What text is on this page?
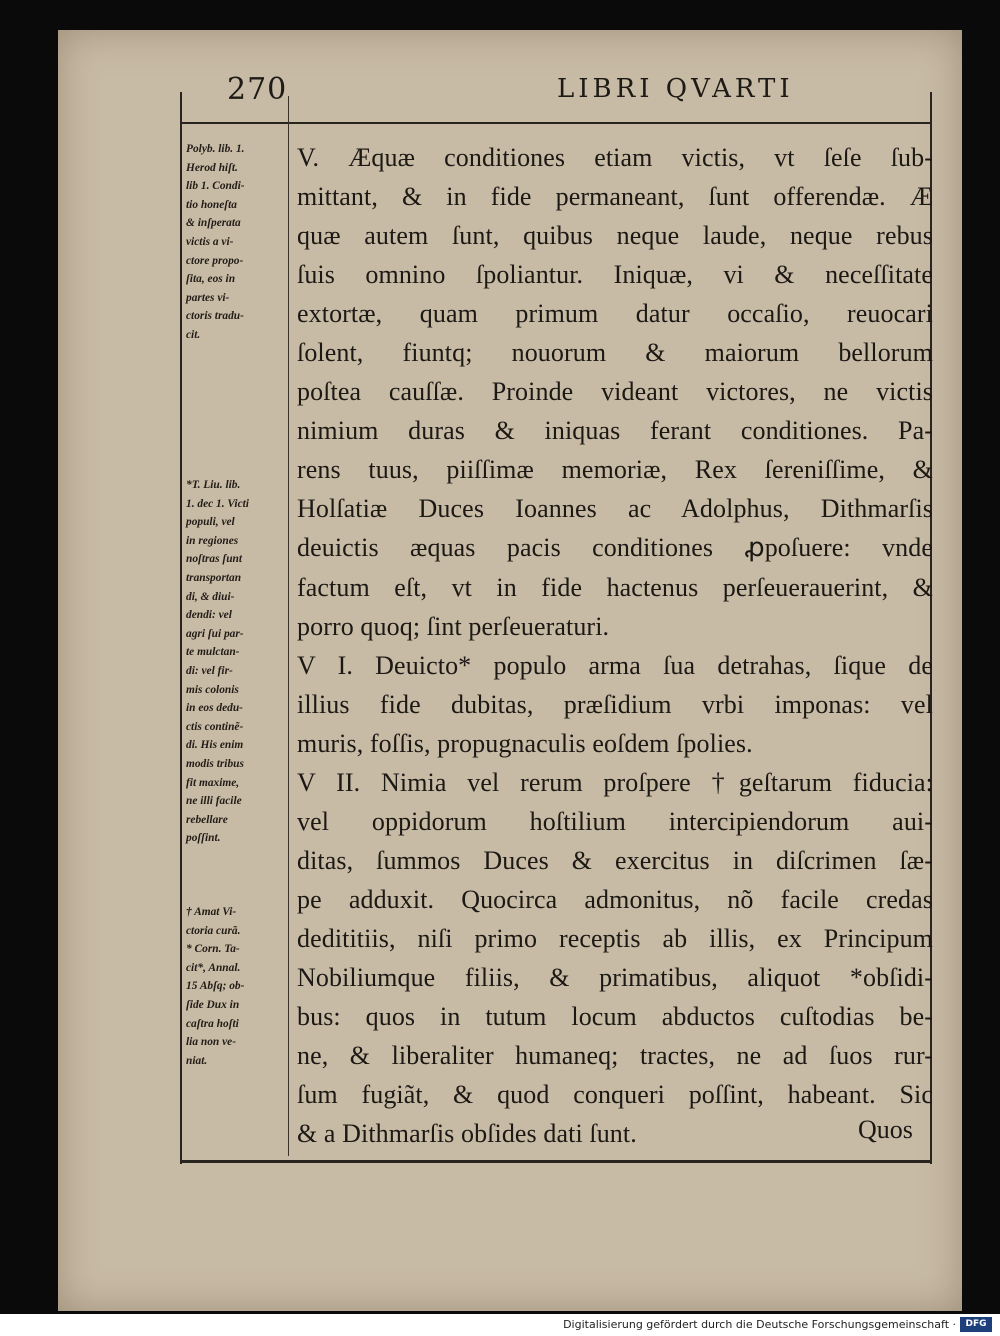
270	LIBRI QVARTI
Polyb. lib. 1.
Herod hiſt.
lib 1. Condi-
tio honeſta
& inſperata
victis a vi-
ctore propo-
ſita, eos in
partes vi-
ctoris tradu-
cit.
*T. Liu. lib.
1. dec 1. Victi
populi, vel
in regiones
noſtras ſunt
transportan
di, & diui-
dendi: vel
agri ſui par-
te mulctan-
di: vel fir-
mis colonis
in eos dedu-
ctis continẽ-
di. His enim
modis tribus
fit maxime,
ne illi facile
rebellare
poſſint.
† Amat Vi-
ctoria curã.
* Corn. Ta-
cit*, Annal.
15 Abſq; ob-
ſide Dux in
caſtra hoſti
lia non ve-
niat.
V. Æquæ conditiones etiam victis, vt ſeſe ſub-
mittant, & in fide permaneant, ſunt offerendæ. Æ
quæ autem ſunt, quibus neque laude, neque rebus
ſuis omnino ſpoliantur. Iniquæ, vi & neceſſitate
extortæ, quam primum datur occaſio, reuocari
ſolent, fiuntq; nouorum & maiorum bellorum
poſtea cauſſæ. Proinde videant victores, ne victis
nimium duras & iniquas ferant conditiones. Pa-
rens tuus, piiſſimæ memoriæ, Rex ſereniſſime, &
Holſatiæ Duces Ioannes ac Adolphus, Dithmarſis
deuictis æquas pacis conditiones ꝓpoſuere: vnde
factum eſt, vt in fide hactenus perſeuerauerint, &
porro quoq; ſint perſeueraturi.
V I. Deuicto* populo arma ſua detrahas, ſique de
illius fide dubitas, præſidium vrbi imponas: vel
muris, foſſis, propugnaculis eoſdem ſpolies.
V II. Nimia vel rerum proſpere †geſtarum fiducia:
vel oppidorum hoſtilium intercipiendorum aui-
ditas, ſummos Duces & exercitus in diſcrimen ſæ-
pe adduxit. Quocirca admonitus, nõ facile credas
dedititiis, niſi primo receptis ab illis, ex Principum
Nobiliumque filiis, & primatibus, aliquot *obſidi-
bus: quos in tutum locum abductos cuſtodias be-
ne, & liberaliter humaneq; tractes, ne ad ſuos rur-
ſum fugiãt, & quod conqueri poſſint, habeant. Sic
& a Dithmarſis obſides dati ſunt.	Quos
Digitalisierung gefördert durch die Deutsche Forschungsgemeinschaft ·	DFG
